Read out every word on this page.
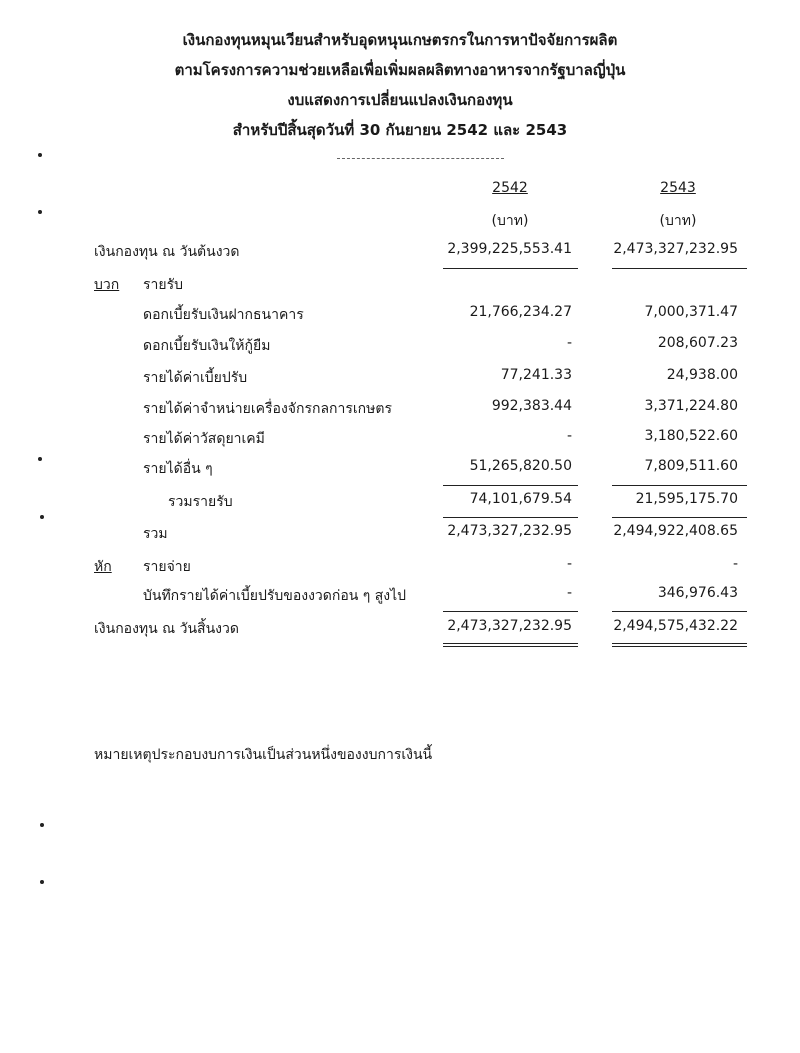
เงินกองทุนหมุนเวียนสำหรับอุดหนุนเกษตรกรในการหาปัจจัยการผลิต
ตามโครงการความช่วยเหลือเพื่อเพิ่มผลผลิตทางอาหารจากรัฐบาลญี่ปุ่น
งบแสดงการเปลี่ยนแปลงเงินกองทุน
สำหรับปีสิ้นสุดวันที่ 30 กันยายน 2542 และ 2543
2542	2543
(บาท)	(บาท)
เงินกองทุน ณ วันต้นงวด	2,399,225,553.41	2,473,327,232.95
บวก รายรับ
ดอกเบี้ยรับเงินฝากธนาคาร	21,766,234.27	7,000,371.47
ดอกเบี้ยรับเงินให้กู้ยืม	-	208,607.23
รายได้ค่าเบี้ยปรับ	77,241.33	24,938.00
รายได้ค่าจำหน่ายเครื่องจักรกลการเกษตร	992,383.44	3,371,224.80
รายได้ค่าวัสดุยาเคมี	-	3,180,522.60
รายได้อื่น ๆ	51,265,820.50	7,809,511.60
รวมรายรับ	74,101,679.54	21,595,175.70
รวม	2,473,327,232.95	2,494,922,408.65
หัก รายจ่าย	-	-
บันทึกรายได้ค่าเบี้ยปรับของงวดก่อน ๆ สูงไป	-	346,976.43
เงินกองทุน ณ วันสิ้นงวด	2,473,327,232.95	2,494,575,432.22
หมายเหตุประกอบงบการเงินเป็นส่วนหนึ่งของงบการเงินนี้
